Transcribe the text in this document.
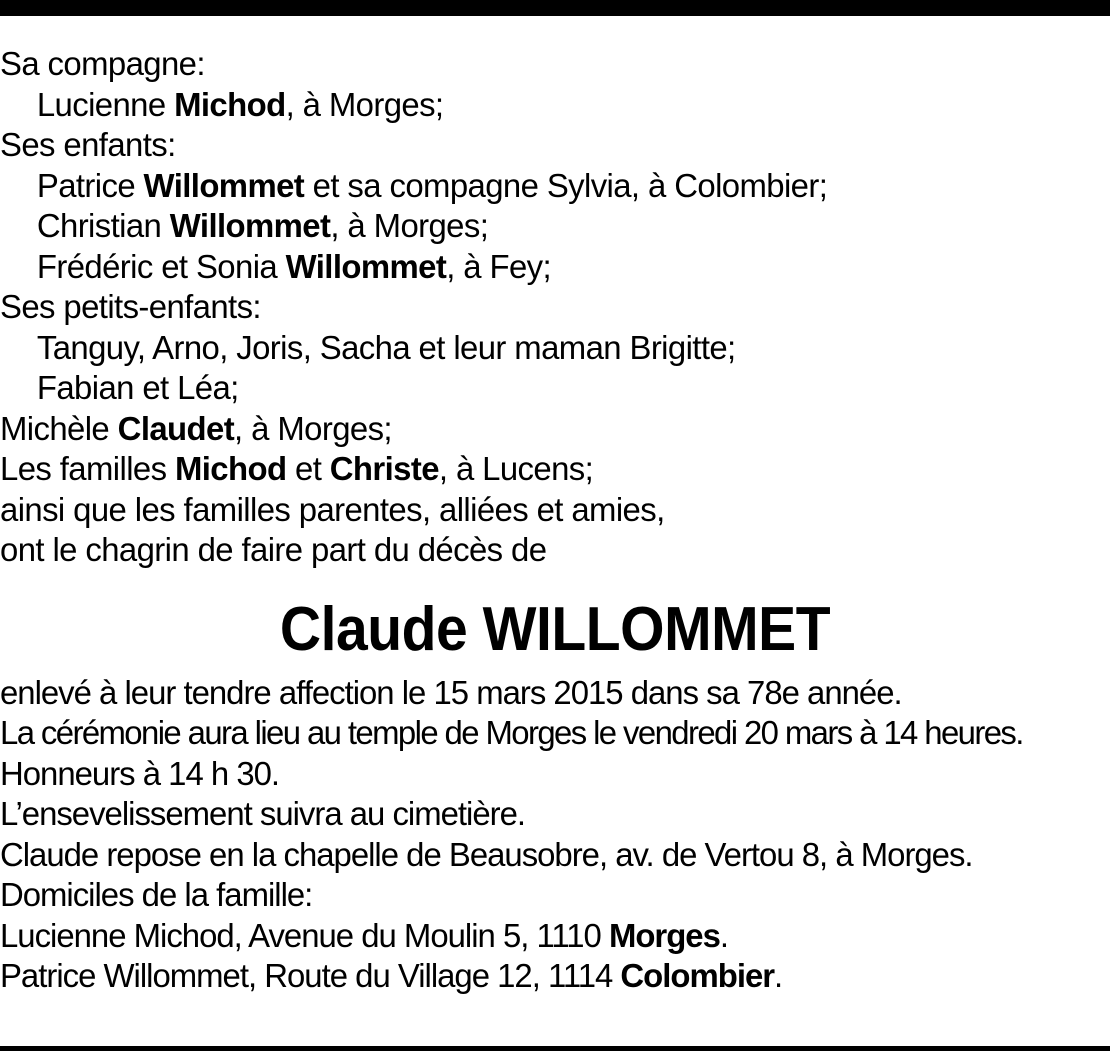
Sa compagne:
Lucienne Michod, à Morges;
Ses enfants:
Patrice Willommet et sa compagne Sylvia, à Colombier;
Christian Willommet, à Morges;
Frédéric et Sonia Willommet, à Fey;
Ses petits-enfants:
Tanguy, Arno, Joris, Sacha et leur maman Brigitte;
Fabian et Léa;
Michèle Claudet, à Morges;
Les familles Michod et Christe, à Lucens;
ainsi que les familles parentes, alliées et amies,
ont le chagrin de faire part du décès de
Claude WILLOMMET
enlevé à leur tendre affection le 15 mars 2015 dans sa 78e année.
La cérémonie aura lieu au temple de Morges le vendredi 20 mars à 14 heures.
Honneurs à 14 h 30.
L’ensevelissement suivra au cimetière.
Claude repose en la chapelle de Beausobre, av. de Vertou 8, à Morges.
Domiciles de la famille:
Lucienne Michod, Avenue du Moulin 5, 1110 Morges.
Patrice Willommet, Route du Village 12, 1114 Colombier.
